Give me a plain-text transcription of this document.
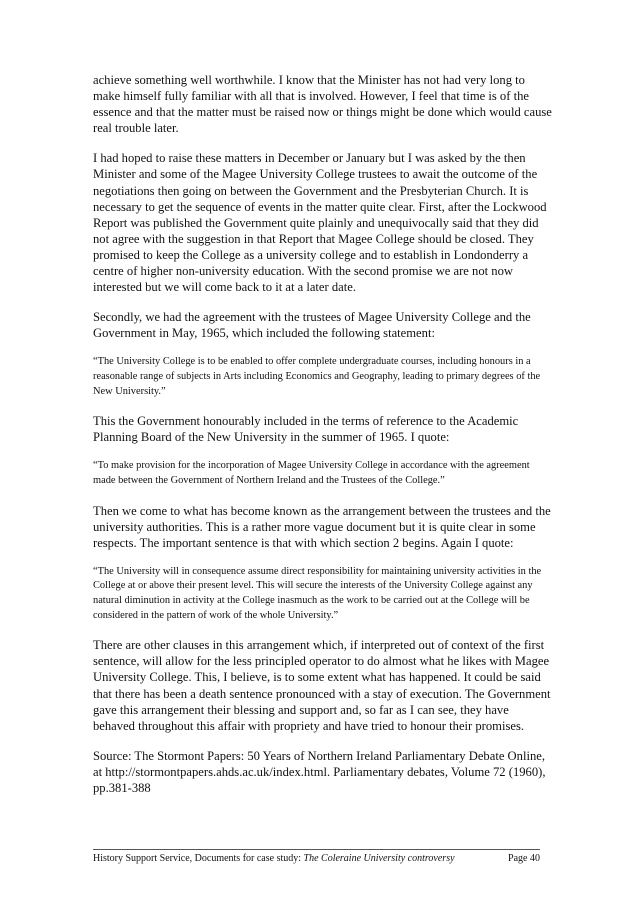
achieve something well worthwhile. I know that the Minister has not had very long to make himself fully familiar with all that is involved. However, I feel that time is of the essence and that the matter must be raised now or things might be done which would cause real trouble later.

I had hoped to raise these matters in December or January but I was asked by the then Minister and some of the Magee University College trustees to await the outcome of the negotiations then going on between the Government and the Presbyterian Church. It is necessary to get the sequence of events in the matter quite clear. First, after the Lockwood Report was published the Government quite plainly and unequivocally said that they did not agree with the suggestion in that Report that Magee College should be closed. They promised to keep the College as a university college and to establish in Londonderry a centre of higher non-university education. With the second promise we are not now interested but we will come back to it at a later date.

Secondly, we had the agreement with the trustees of Magee University College and the Government in May, 1965, which included the following statement:

“The University College is to be enabled to offer complete undergraduate courses, including honours in a reasonable range of subjects in Arts including Economics and Geography, leading to primary degrees of the New University.”

This the Government honourably included in the terms of reference to the Academic Planning Board of the New University in the summer of 1965. I quote:

“To make provision for the incorporation of Magee University College in accordance with the agreement made between the Government of Northern Ireland and the Trustees of the College.”

Then we come to what has become known as the arrangement between the trustees and the university authorities. This is a rather more vague document but it is quite clear in some respects. The important sentence is that with which section 2 begins. Again I quote:

“The University will in consequence assume direct responsibility for maintaining university activities in the College at or above their present level. This will secure the interests of the University College against any natural diminution in activity at the College inasmuch as the work to be carried out at the College will be considered in the pattern of work of the whole University.”

There are other clauses in this arrangement which, if interpreted out of context of the first sentence, will allow for the less principled operator to do almost what he likes with Magee University College. This, I believe, is to some extent what has happened. It could be said that there has been a death sentence pronounced with a stay of execution. The Government gave this arrangement their blessing and support and, so far as I can see, they have behaved throughout this affair with propriety and have tried to honour their promises.

Source: The Stormont Papers: 50 Years of Northern Ireland Parliamentary Debate Online, at http://stormontpapers.ahds.ac.uk/index.html. Parliamentary debates, Volume 72 (1960), pp.381-388

History Support Service, Documents for case study: The Coleraine University controversy	Page 40
